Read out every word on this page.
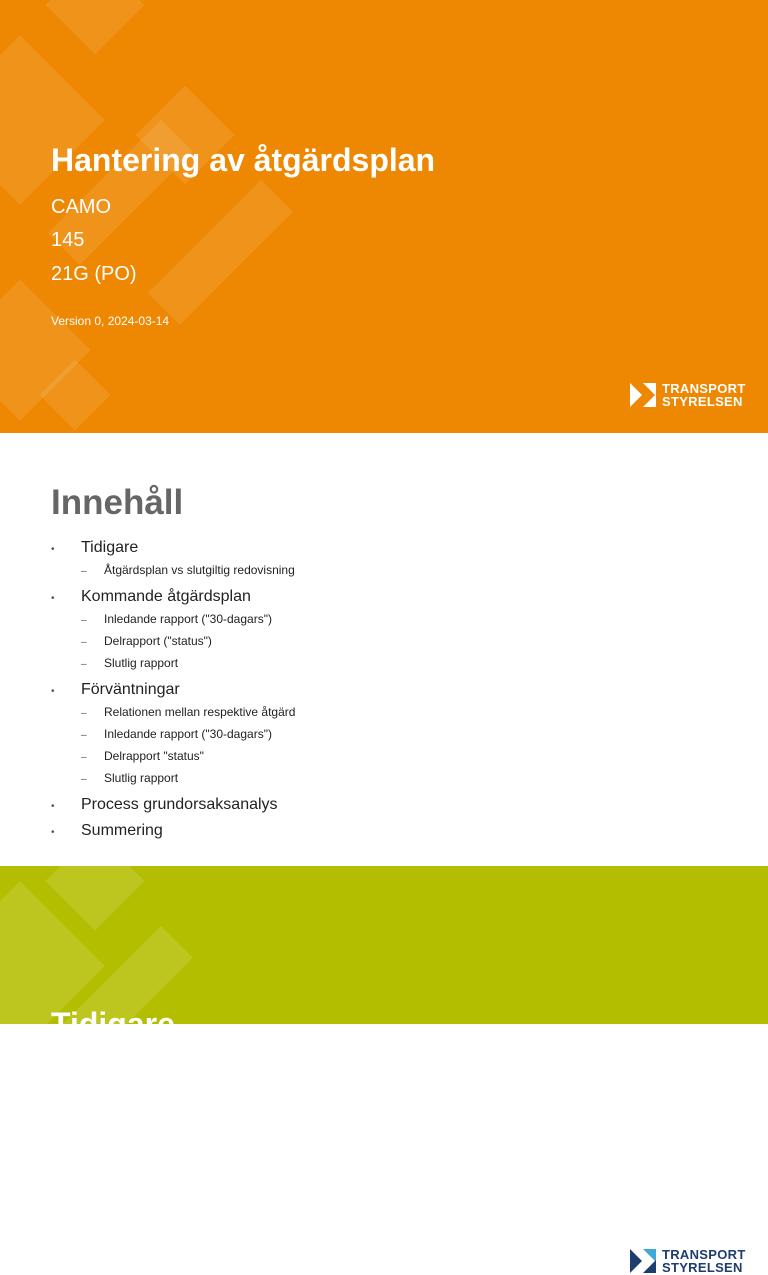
Hantering av åtgärdsplan
CAMO
145
21G (PO)
Version 0, 2024-03-14
TRANSPORT
STYRELSEN
Innehåll
•	Tidigare
–	Åtgärdsplan vs slutgiltig redovisning
•	Kommande åtgärdsplan
–	Inledande rapport ("30-dagars")
–	Delrapport ("status")
–	Slutlig rapport
•	Förväntningar
–	Relationen mellan respektive åtgärd
–	Inledande rapport ("30-dagars")
–	Delrapport "status"
–	Slutlig rapport
•	Process grundorsaksanalys
•	Summering
TRANSPORT
STYRELSEN
Tidigare
